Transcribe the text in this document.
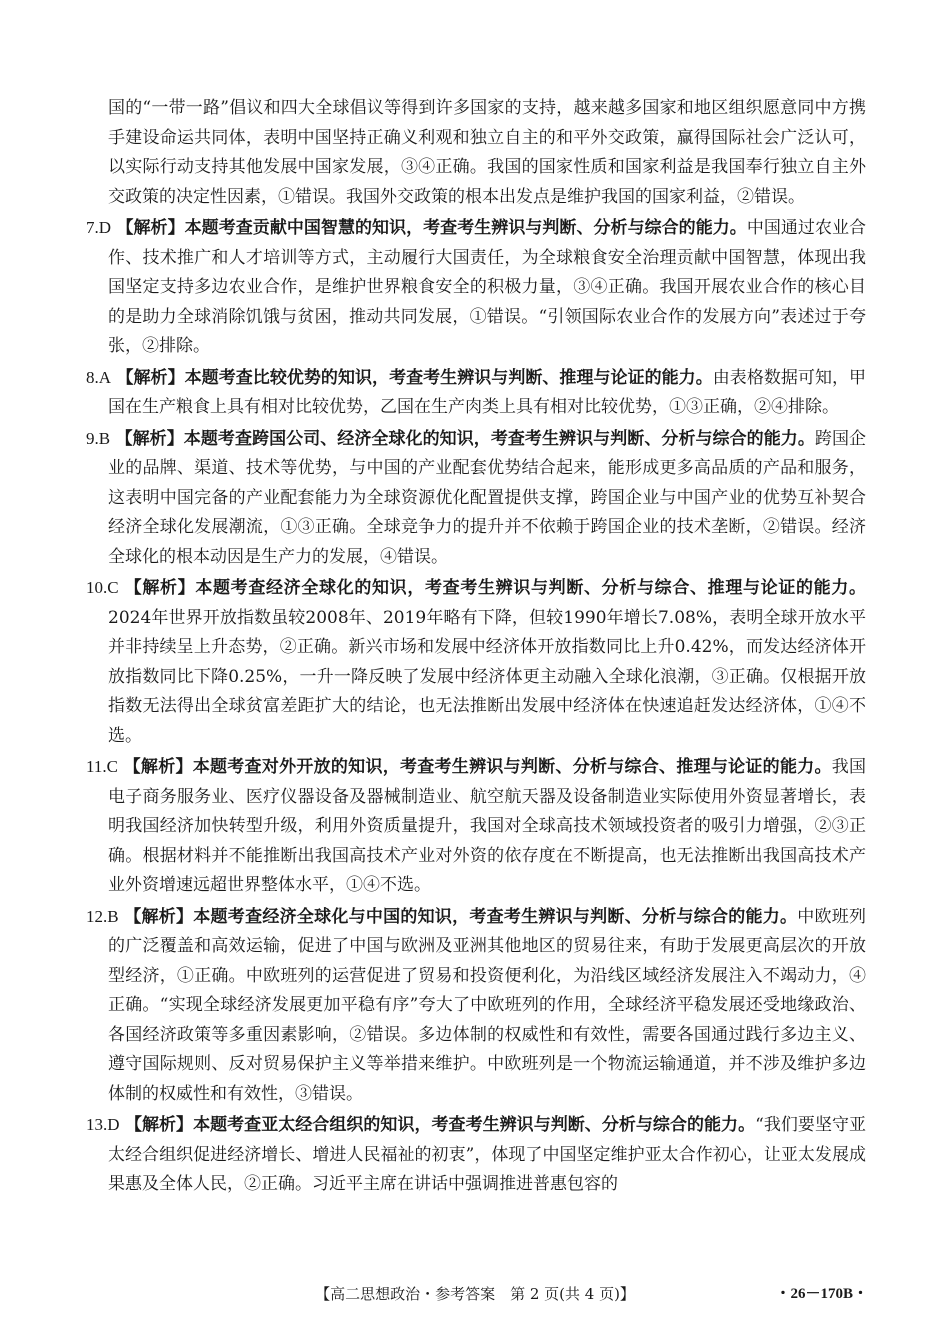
国的“一带一路”倡议和四大全球倡议等得到许多国家的支持，越来越多国家和地区组织愿意同中方携手建设命运共同体，表明中国坚持正确义利观和独立自主的和平外交政策，赢得国际社会广泛认可，以实际行动支持其他发展中国家发展，③④正确。我国的国家性质和国家利益是我国奉行独立自主外交政策的决定性因素，①错误。我国外交政策的根本出发点是维护我国的国家利益，②错误。

7.D 【解析】本题考查贡献中国智慧的知识，考查考生辨识与判断、分析与综合的能力。中国通过农业合作、技术推广和人才培训等方式，主动履行大国责任，为全球粮食安全治理贡献中国智慧，体现出我国坚定支持多边农业合作，是维护世界粮食安全的积极力量，③④正确。我国开展农业合作的核心目的是助力全球消除饥饿与贫困，推动共同发展，①错误。“引领国际农业合作的发展方向”表述过于夸张，②排除。

8.A 【解析】本题考查比较优势的知识，考查考生辨识与判断、推理与论证的能力。由表格数据可知，甲国在生产粮食上具有相对比较优势，乙国在生产肉类上具有相对比较优势，①③正确，②④排除。

9.B 【解析】本题考查跨国公司、经济全球化的知识，考查考生辨识与判断、分析与综合的能力。跨国企业的品牌、渠道、技术等优势，与中国的产业配套优势结合起来，能形成更多高品质的产品和服务，这表明中国完备的产业配套能力为全球资源优化配置提供支撑，跨国企业与中国产业的优势互补契合经济全球化发展潮流，①③正确。全球竞争力的提升并不依赖于跨国企业的技术垄断，②错误。经济全球化的根本动因是生产力的发展，④错误。

10.C 【解析】本题考查经济全球化的知识，考查考生辨识与判断、分析与综合、推理与论证的能力。2024年世界开放指数虽较2008年、2019年略有下降，但较1990年增长7.08%，表明全球开放水平并非持续呈上升态势，②正确。新兴市场和发展中经济体开放指数同比上升0.42%，而发达经济体开放指数同比下降0.25%，一升一降反映了发展中经济体更主动融入全球化浪潮，③正确。仅根据开放指数无法得出全球贫富差距扩大的结论，也无法推断出发展中经济体在快速追赶发达经济体，①④不选。

11.C 【解析】本题考查对外开放的知识，考查考生辨识与判断、分析与综合、推理与论证的能力。我国电子商务服务业、医疗仪器设备及器械制造业、航空航天器及设备制造业实际使用外资显著增长，表明我国经济加快转型升级，利用外资质量提升，我国对全球高技术领域投资者的吸引力增强，②③正确。根据材料并不能推断出我国高技术产业对外资的依存度在不断提高，也无法推断出我国高技术产业外资增速远超世界整体水平，①④不选。

12.B 【解析】本题考查经济全球化与中国的知识，考查考生辨识与判断、分析与综合的能力。中欧班列的广泛覆盖和高效运输，促进了中国与欧洲及亚洲其他地区的贸易往来，有助于发展更高层次的开放型经济，①正确。中欧班列的运营促进了贸易和投资便利化，为沿线区域经济发展注入不竭动力，④正确。“实现全球经济发展更加平稳有序”夸大了中欧班列的作用，全球经济平稳发展还受地缘政治、各国经济政策等多重因素影响，②错误。多边体制的权威性和有效性，需要各国通过践行多边主义、遵守国际规则、反对贸易保护主义等举措来维护。中欧班列是一个物流运输通道，并不涉及维护多边体制的权威性和有效性，③错误。

13.D 【解析】本题考查亚太经合组织的知识，考查考生辨识与判断、分析与综合的能力。“我们要坚守亚太经合组织促进经济增长、增进人民福祉的初衷”，体现了中国坚定维护亚太合作初心，让亚太发展成果惠及全体人民，②正确。习近平主席在讲话中强调推进普惠包容的

【高二思想政治・参考答案　第 2 页(共 4 页)】	・26－170B・
